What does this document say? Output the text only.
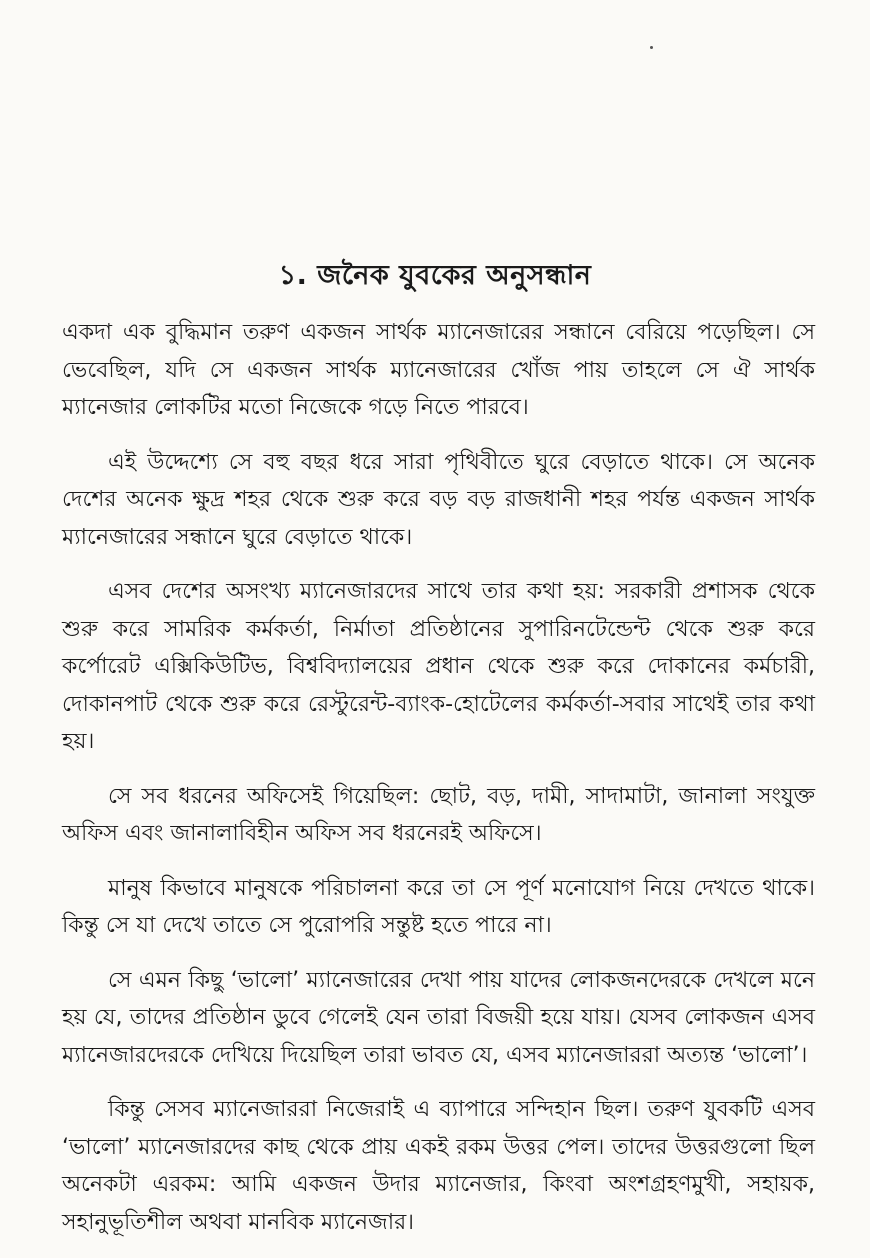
১. জনৈক যুবকের অনুসন্ধান

একদা এক বুদ্ধিমান তরুণ একজন সার্থক ম্যানেজারের সন্ধানে বেরিয়ে পড়েছিল। সে ভেবেছিল, যদি সে একজন সার্থক ম্যানেজারের খোঁজ পায় তাহলে সে ঐ সার্থক ম্যানেজার লোকটির মতো নিজেকে গড়ে নিতে পারবে।

এই উদ্দেশ্যে সে বহু বছর ধরে সারা পৃথিবীতে ঘুরে বেড়াতে থাকে। সে অনেক দেশের অনেক ক্ষুদ্র শহর থেকে শুরু করে বড় বড় রাজধানী শহর পর্যন্ত একজন সার্থক ম্যানেজারের সন্ধানে ঘুরে বেড়াতে থাকে।

এসব দেশের অসংখ্য ম্যানেজারদের সাথে তার কথা হয়: সরকারী প্রশাসক থেকে শুরু করে সামরিক কর্মকর্তা, নির্মাতা প্রতিষ্ঠানের সুপারিনটেন্ডেন্ট থেকে শুরু করে কর্পোরেট এক্সিকিউটিভ, বিশ্ববিদ্যালয়ের প্রধান থেকে শুরু করে দোকানের কর্মচারী, দোকানপাট থেকে শুরু করে রেস্টুরেন্ট-ব্যাংক-হোটেলের কর্মকর্তা-সবার সাথেই তার কথা হয়।

সে সব ধরনের অফিসেই গিয়েছিল: ছোট, বড়, দামী, সাদামাটা, জানালা সংযুক্ত অফিস এবং জানালাবিহীন অফিস সব ধরনেরই অফিসে।

মানুষ কিভাবে মানুষকে পরিচালনা করে তা সে পূর্ণ মনোযোগ নিয়ে দেখতে থাকে। কিন্তু সে যা দেখে তাতে সে পুরোপরি সন্তুষ্ট হতে পারে না।

সে এমন কিছু ‘ভালো’ ম্যানেজারের দেখা পায় যাদের লোকজনদেরকে দেখলে মনে হয় যে, তাদের প্রতিষ্ঠান ডুবে গেলেই যেন তারা বিজয়ী হয়ে যায়। যেসব লোকজন এসব ম্যানেজারদেরকে দেখিয়ে দিয়েছিল তারা ভাবত যে, এসব ম্যানেজাররা অত্যন্ত ‘ভালো’।

কিন্তু সেসব ম্যানেজাররা নিজেরাই এ ব্যাপারে সন্দিহান ছিল। তরুণ যুবকটি এসব ‘ভালো’ ম্যানেজারদের কাছ থেকে প্রায় একই রকম উত্তর পেল। তাদের উত্তরগুলো ছিল অনেকটা এরকম: আমি একজন উদার ম্যানেজার, কিংবা অংশগ্রহণমুখী, সহায়ক, সহানুভূতিশীল অথবা মানবিক ম্যানেজার।
